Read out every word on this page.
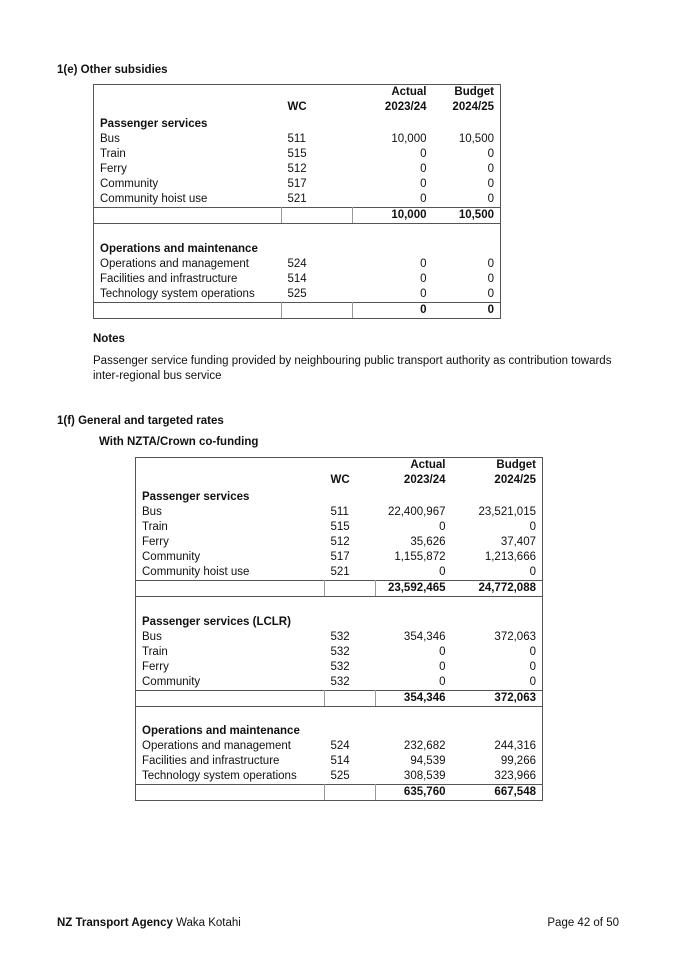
1(e) Other subsidies
		Actual	Budget
	WC	2023/24	2024/25
Passenger services			
Bus	511	10,000	10,500
Train	515	0	0
Ferry	512	0	0
Community	517	0	0
Community hoist use	521	0	0
		10,000	10,500

Operations and maintenance			
Operations and management	524	0	0
Facilities and infrastructure	514	0	0
Technology system operations	525	0	0
		0	0
Notes
Passenger service funding provided by neighbouring public transport authority as contribution towards inter-regional bus service
1(f) General and targeted rates
With NZTA/Crown co-funding
		Actual	Budget
	WC	2023/24	2024/25
Passenger services			
Bus	511	22,400,967	23,521,015
Train	515	0	0
Ferry	512	35,626	37,407
Community	517	1,155,872	1,213,666
Community hoist use	521	0	0
		23,592,465	24,772,088

Passenger services (LCLR)			
Bus	532	354,346	372,063
Train	532	0	0
Ferry	532	0	0
Community	532	0	0
		354,346	372,063

Operations and maintenance			
Operations and management	524	232,682	244,316
Facilities and infrastructure	514	94,539	99,266
Technology system operations	525	308,539	323,966
		635,760	667,548
NZ Transport Agency Waka Kotahi	Page 42 of 50
